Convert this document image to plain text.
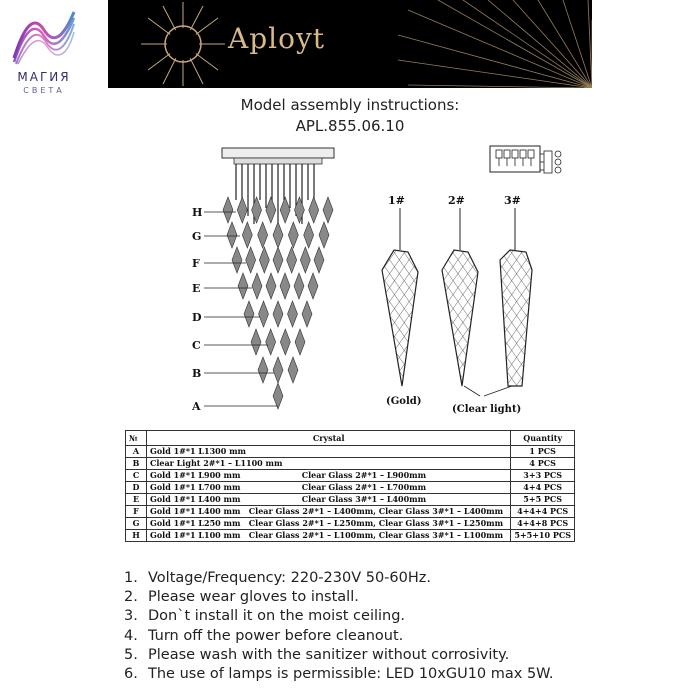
МАГИЯ
СВЕТА
Aployt
Model assembly instructions:
APL.855.06.10
H
G
F
E
D
C
B
A
1#	2#	3#
(Gold)
(Clear light)
№	Crystal	Quantity
A	Gold 1#*1 L1300 mm	1 PCS
B	Clear Light 2#*1 – L1100 mm	4 PCS
C	Gold 1#*1 L900 mm                      Clear Glass 2#*1 – L900mm	3+3 PCS
D	Gold 1#*1 L700 mm                      Clear Glass 2#*1 – L700mm	4+4 PCS
E	Gold 1#*1 L400 mm                      Clear Glass 3#*1 – L400mm	5+5 PCS
F	Gold 1#*1 L400 mm   Clear Glass 2#*1 – L400mm, Clear Glass 3#*1 – L400mm	4+4+4 PCS
G	Gold 1#*1 L250 mm   Clear Glass 2#*1 – L250mm, Clear Glass 3#*1 – L250mm	4+4+8 PCS
H	Gold 1#*1 L100 mm   Clear Glass 2#*1 – L100mm, Clear Glass 3#*1 – L100mm	5+5+10 PCS
1. Voltage/Frequency: 220-230V 50-60Hz.
2. Please wear gloves to install.
3. Don`t install it on the moist ceiling.
4. Turn off the power before cleanout.
5. Please wash with the sanitizer without corrosivity.
6. The use of lamps is permissible: LED 10xGU10 max 5W.
